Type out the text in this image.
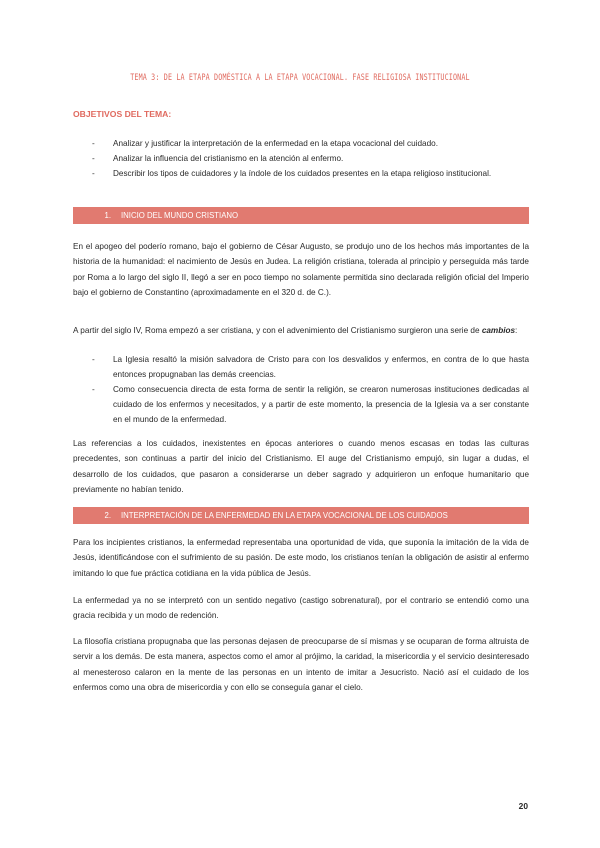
TEMA 3: DE LA ETAPA DOMÉSTICA A LA ETAPA VOCACIONAL. FASE RELIGIOSA INSTITUCIONAL
OBJETIVOS DEL TEMA:
- Analizar y justificar la interpretación de la enfermedad en la etapa vocacional del cuidado.
- Analizar la influencia del cristianismo en la atención al enfermo.
- Describir los tipos de cuidadores y la índole de los cuidados presentes en la etapa religioso institucional.
1.	INICIO DEL MUNDO CRISTIANO

En el apogeo del poderío romano, bajo el gobierno de César Augusto, se produjo uno de los hechos más importantes de la historia de la humanidad: el nacimiento de Jesús en Judea. La religión cristiana, tolerada al principio y perseguida más tarde por Roma a lo largo del siglo II, llegó a ser en poco tiempo no solamente permitida sino declarada religión oficial del Imperio bajo el gobierno de Constantino (aproximadamente en el 320 d. de C.).

A partir del siglo IV, Roma empezó a ser cristiana, y con el advenimiento del Cristianismo surgieron una serie de cambios:

- La Iglesia resaltó la misión salvadora de Cristo para con los desvalidos y enfermos, en contra de lo que hasta entonces propugnaban las demás creencias.
- Como consecuencia directa de esta forma de sentir la religión, se crearon numerosas instituciones dedicadas al cuidado de los enfermos y necesitados, y a partir de este momento, la presencia de la Iglesia va a ser constante en el mundo de la enfermedad.

Las referencias a los cuidados, inexistentes en épocas anteriores o cuando menos escasas en todas las culturas precedentes, son continuas a partir del inicio del Cristianismo. El auge del Cristianismo empujó, sin lugar a dudas, el desarrollo de los cuidados, que pasaron a considerarse un deber sagrado y adquirieron un enfoque humanitario que previamente no habían tenido.

2.	INTERPRETACIÓN DE LA ENFERMEDAD EN LA ETAPA VOCACIONAL DE LOS CUIDADOS

Para los incipientes cristianos, la enfermedad representaba una oportunidad de vida, que suponía la imitación de la vida de Jesús, identificándose con el sufrimiento de su pasión. De este modo, los cristianos tenían la obligación de asistir al enfermo imitando lo que fue práctica cotidiana en la vida pública de Jesús.

La enfermedad ya no se interpretó con un sentido negativo (castigo sobrenatural), por el contrario se entendió como una gracia recibida y un modo de redención.

La filosofía cristiana propugnaba que las personas dejasen de preocuparse de sí mismas y se ocuparan de forma altruista de servir a los demás. De esta manera, aspectos como el amor al prójimo, la caridad, la misericordia y el servicio desinteresado al menesteroso calaron en la mente de las personas en un intento de imitar a Jesucristo. Nació así el cuidado de los enfermos como una obra de misericordia y con ello se conseguía ganar el cielo.

20
